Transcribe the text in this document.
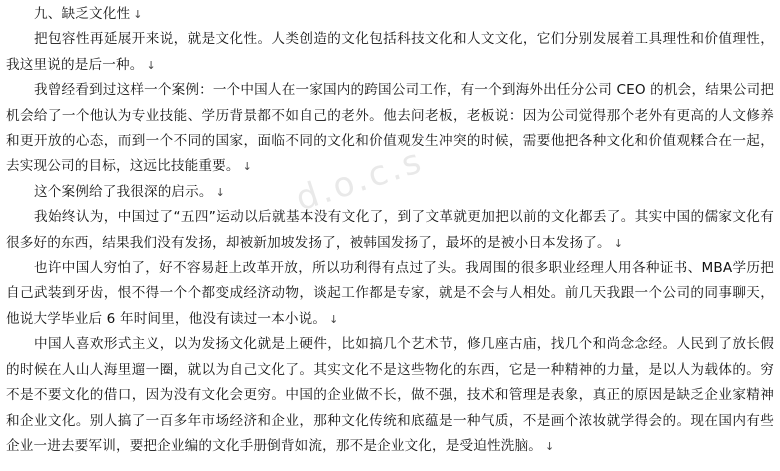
d.o.c.s

九、缺乏文化性 ↓

把包容性再延展开来说，就是文化性。人类创造的文化包括科技文化和人文文化，它们分别发展着工具理性和价值理性，我这里说的是后一种。 ↓

我曾经看到过这样一个案例：一个中国人在一家国内的跨国公司工作，有一个到海外出任分公司 CEO 的机会，结果公司把机会给了一个他认为专业技能、学历背景都不如自己的老外。他去问老板，老板说：因为公司觉得那个老外有更高的人文修养和更开放的心态，而到一个不同的国家，面临不同的文化和价值观发生冲突的时候，需要他把各种文化和价值观糅合在一起，去实现公司的目标，这远比技能重要。 ↓

这个案例给了我很深的启示。 ↓

我始终认为，中国过了“五四”运动以后就基本没有文化了，到了文革就更加把以前的文化都丢了。其实中国的儒家文化有很多好的东西，结果我们没有发扬，却被新加坡发扬了，被韩国发扬了，最坏的是被小日本发扬了。 ↓

也许中国人穷怕了，好不容易赶上改革开放，所以功利得有点过了头。我周围的很多职业经理人用各种证书、MBA学历把自己武装到牙齿，恨不得一个个都变成经济动物，谈起工作都是专家，就是不会与人相处。前几天我跟一个公司的同事聊天，他说大学毕业后 6 年时间里，他没有读过一本小说。 ↓

中国人喜欢形式主义，以为发扬文化就是上硬件，比如搞几个艺术节，修几座古庙，找几个和尚念念经。人民到了放长假的时候在人山人海里遛一圈，就以为自己文化了。其实文化不是这些物化的东西，它是一种精神的力量，是以人为载体的。穷不是不要文化的借口，因为没有文化会更穷。中国的企业做不长，做不强，技术和管理是表象，真正的原因是缺乏企业家精神和企业文化。别人搞了一百多年市场经济和企业，那种文化传统和底蕴是一种气质，不是画个浓妆就学得会的。现在国内有些企业一进去要军训，要把企业编的文化手册倒背如流，那不是企业文化，是受迫性洗脑。 ↓
